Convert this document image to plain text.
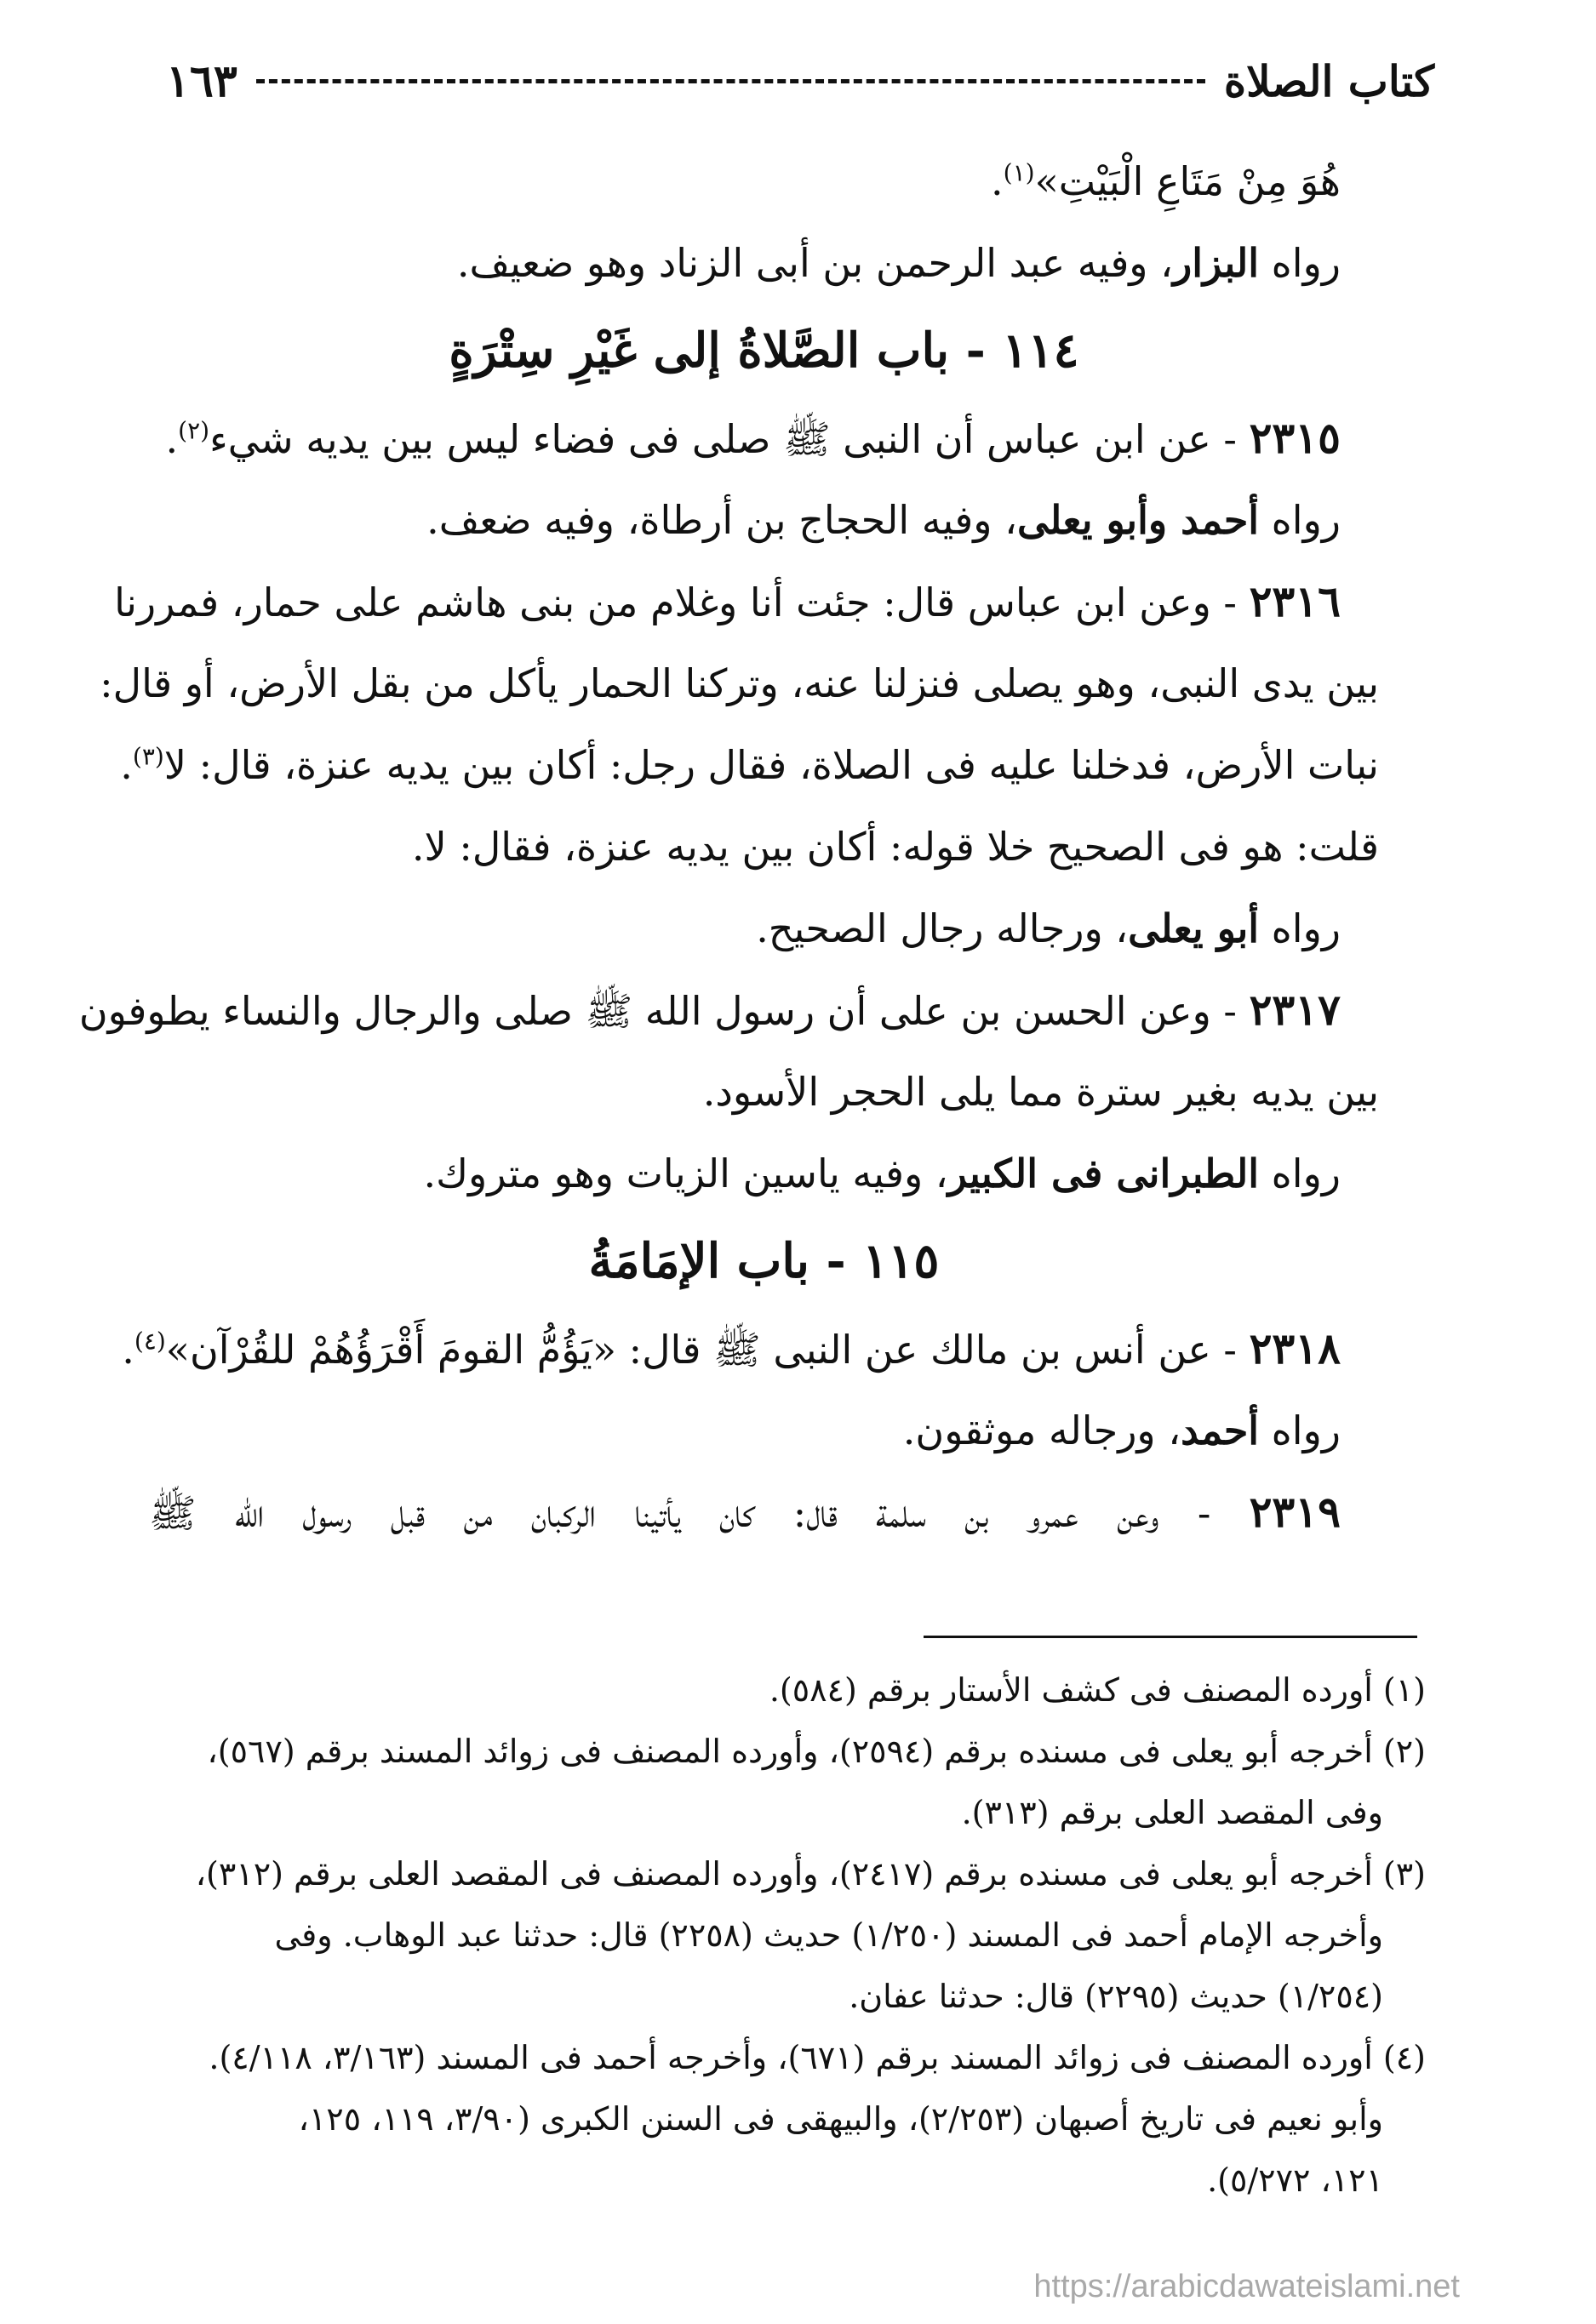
كتاب الصلاة
١٦٣
هُوَ مِنْ مَتَاعِ الْبَيْتِ»$^{(١)}$.
رواه البزار، وفيه عبد الرحمن بن أبى الزناد وهو ضعيف.
١١٤ - باب الصَّلاةُ إلى غَيْرِ سِتْرَةٍ
٢٣١٥ - عن ابن عباس أن النبى ﷺ صلى فى فضاء ليس بين يديه شيء$^{(٢)}$.
رواه أحمد وأبو يعلى، وفيه الحجاج بن أرطاة، وفيه ضعف.
٢٣١٦ - وعن ابن عباس قال: جئت أنا وغلام من بنى هاشم على حمار، فمررنا
بين يدى النبى، وهو يصلى فنزلنا عنه، وتركنا الحمار يأكل من بقل الأرض، أو قال:
نبات الأرض، فدخلنا عليه فى الصلاة، فقال رجل: أكان بين يديه عنزة، قال: لا$^{(٣)}$.
قلت: هو فى الصحيح خلا قوله: أكان بين يديه عنزة، فقال: لا.
رواه أبو يعلى، ورجاله رجال الصحيح.
٢٣١٧ - وعن الحسن بن على أن رسول الله ﷺ صلى والرجال والنساء يطوفون
بين يديه بغير سترة مما يلى الحجر الأسود.
رواه الطبرانى فى الكبير، وفيه ياسين الزيات وهو متروك.
١١٥ - باب الإمَامَةُ
٢٣١٨ - عن أنس بن مالك عن النبى ﷺ قال: «يَؤُمُّ القومَ أَقْرَؤُهُمْ للقُرْآن»$^{(٤)}$.
رواه أحمد، ورجاله موثقون.
٢٣١٩ - وعن عمرو بن سلمة قال: كان يأتينا الركبان من قبل رسول الله ﷺ
(١) أورده المصنف فى كشف الأستار برقم (٥٨٤).
(٢) أخرجه أبو يعلى فى مسنده برقم (٢٥٩٤)، وأورده المصنف فى زوائد المسند برقم (٥٦٧)،
وفى المقصد العلى برقم (٣١٣).
(٣) أخرجه أبو يعلى فى مسنده برقم (٢٤١٧)، وأورده المصنف فى المقصد العلى برقم (٣١٢)،
وأخرجه الإمام أحمد فى المسند (١/٢٥٠) حديث (٢٢٥٨) قال: حدثنا عبد الوهاب. وفى
(١/٢٥٤) حديث (٢٢٩٥) قال: حدثنا عفان.
(٤) أورده المصنف فى زوائد المسند برقم (٦٧١)، وأخرجه أحمد فى المسند (٣/١٦٣، ٤/١١٨).
وأبو نعيم فى تاريخ أصبهان (٢/٢٥٣)، والبيهقى فى السنن الكبرى (٣/٩٠، ١١٩، ١٢٥،
١٢١، ٥/٢٧٢).
https://arabicdawateislami.net
